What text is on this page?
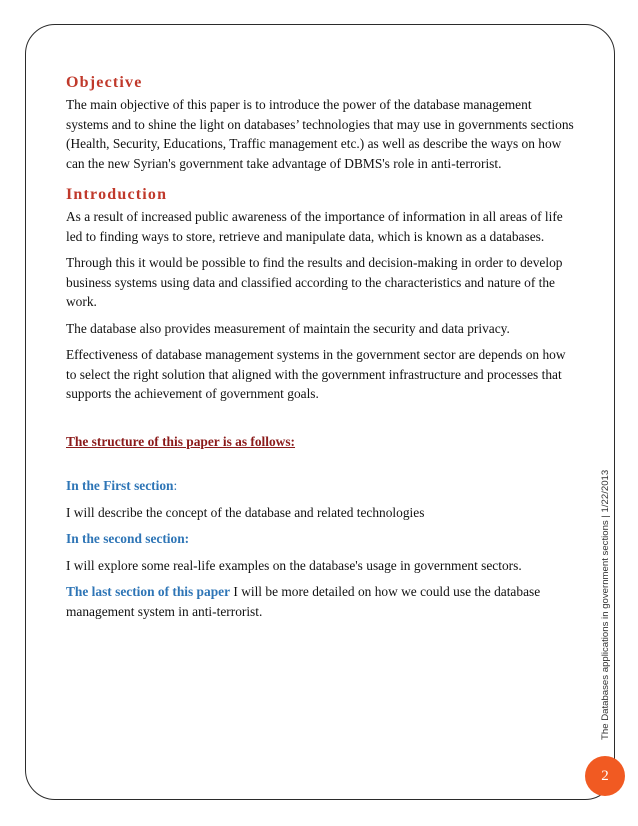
Objective

The main objective of this paper is to introduce the power of the database management systems and to shine the light on databases’ technologies that may use in governments sections (Health, Security, Educations, Traffic management etc.) as well as describe the ways on how can the new Syrian's government take advantage of DBMS's role in anti-terrorist.

Introduction

As a result of increased public awareness of the importance of information in all areas of life led to finding ways to store, retrieve and manipulate data, which is known as a databases.

Through this it would be possible to find the results and decision-making in order to develop business systems using data and classified according to the characteristics and nature of the work.

The database also provides measurement of maintain the security and data privacy.

Effectiveness of database management systems in the government sector are depends on how to select the right solution that aligned with the government infrastructure and processes that supports the achievement of government goals.

The structure of this paper is as follows:

In the First section:

I will describe the concept of the database and related technologies

In the second section:

I will explore some real-life examples on the database's usage in government sectors.

The last section of this paper I will be more detailed on how we could use the database management system in anti-terrorist.	The Databases applications in government sections | 1/22/2013
2
